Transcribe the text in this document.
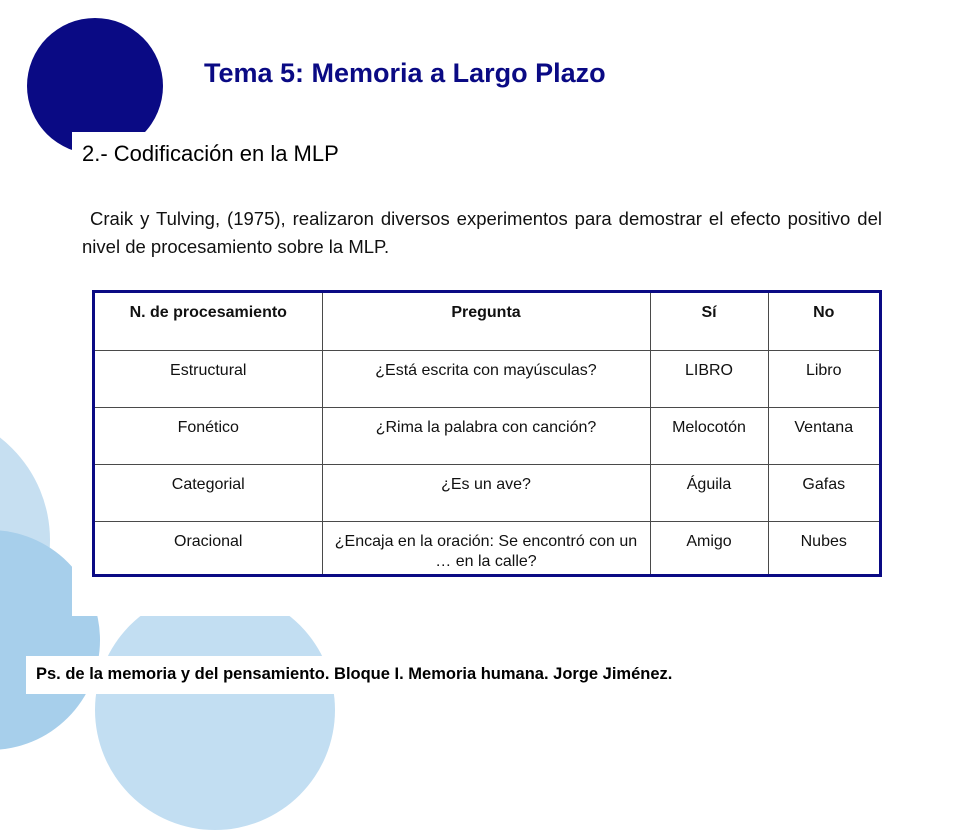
Tema 5: Memoria a Largo Plazo
2.- Codificación en la MLP

Craik y Tulving, (1975), realizaron diversos experimentos para demostrar el efecto positivo del nivel de procesamiento sobre la MLP.

N. de procesamiento	Pregunta	Sí	No
Estructural	¿Está escrita con mayúsculas?	LIBRO	Libro
Fonético	¿Rima la palabra con canción?	Melocotón	Ventana
Categorial	¿Es un ave?	Águila	Gafas
Oracional	¿Encaja en la oración: Se encontró con un … en la calle?	Amigo	Nubes

Ps. de la memoria y del pensamiento. Bloque I. Memoria humana. Jorge Jiménez.
